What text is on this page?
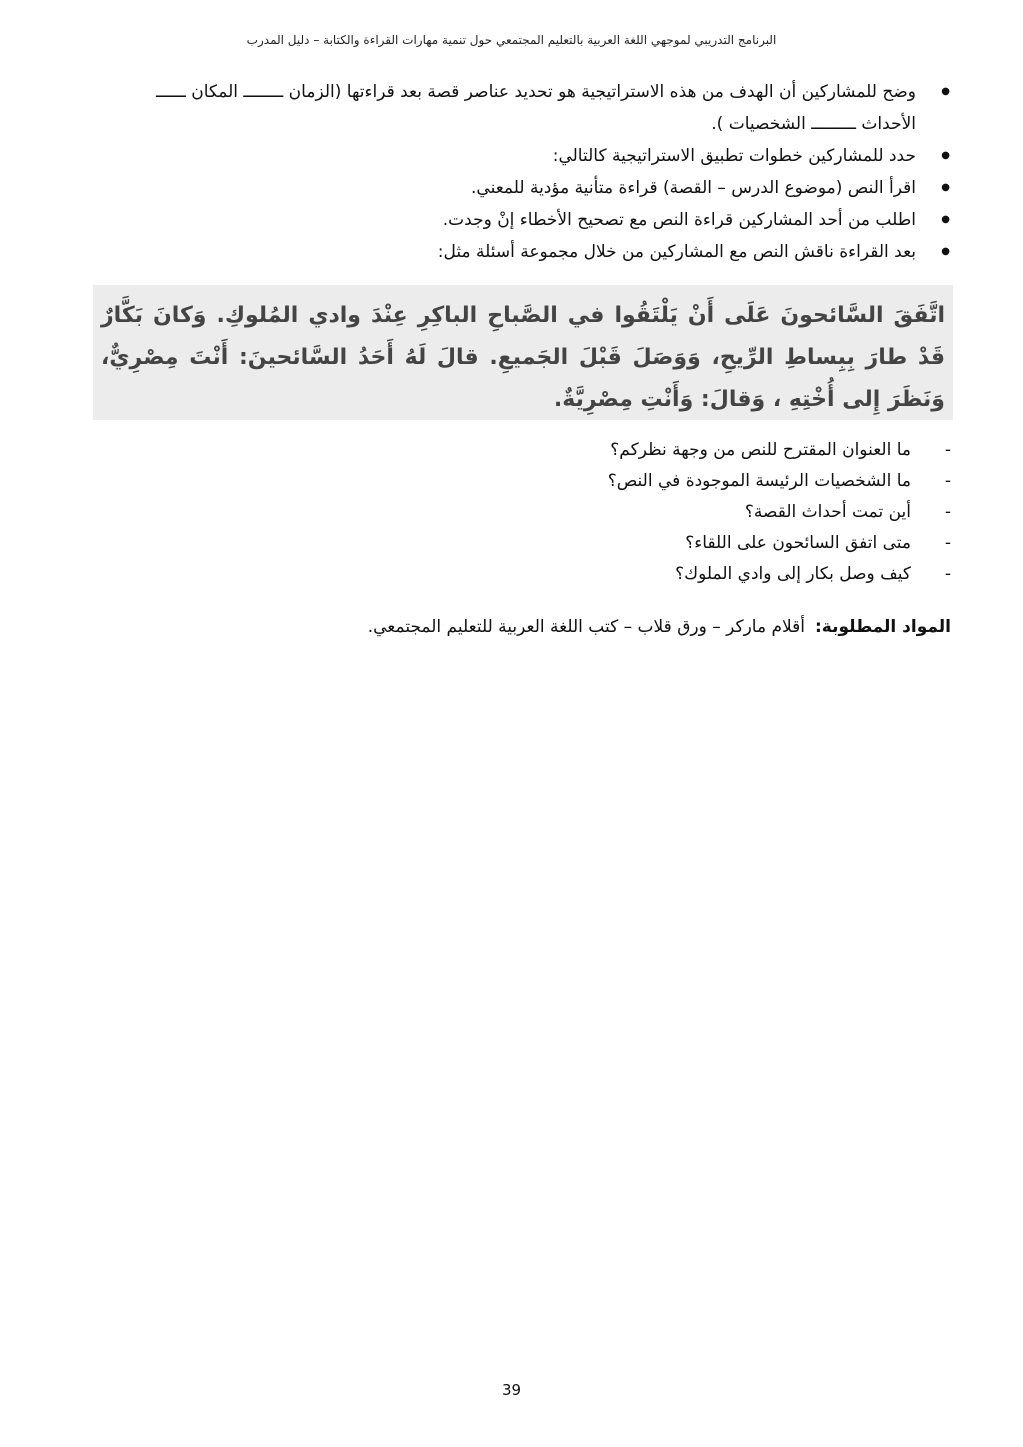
البرنامج التدريبي لموجهي اللغة العربية بالتعليم المجتمعي حول تنمية مهارات القراءة والكتابة – دليل المدرب
● وضح للمشاركين أن الهدف من هذه الاستراتيجية هو تحديد عناصر قصة بعد قراءتها (الزمان ــــــــ المكان ــــــ الأحداث ـــــــــ الشخصيات ).
● حدد للمشاركين خطوات تطبيق الاستراتيجية كالتالي:
● اقرأ النص (موضوع الدرس – القصة) قراءة متأنية مؤدية للمعني.
● اطلب من أحد المشاركين قراءة النص مع تصحيح الأخطاء إنْ وجدت.
● بعد القراءة ناقش النص مع المشاركين من خلال مجموعة أسئلة مثل:
- ما العنوان المقترح للنص من وجهة نظركم؟
- ما الشخصيات الرئيسة الموجودة في النص؟
- أين تمت أحداث القصة؟
- متى اتفق السائحون على اللقاء؟
- كيف وصل بكار إلى وادي الملوك؟
المواد المطلوبة:أقلام ماركر – ورق قلاب – كتب اللغة العربية للتعليم المجتمعي.

اتَّفَقَ السَّائحونَ عَلَى أَنْ يَلْتَقُوا في الصَّباحِ الباكِرِ عِنْدَ وادي المُلوكِ. وَكانَ بَكَّارٌ قَدْ طارَ بِبِساطِ الرِّيحِ، وَوَصَلَ قَبْلَ الجَميعِ. قالَ لَهُ أَحَدُ السَّائحينَ: أَنْتَ مِصْرِيٌّ، وَنَظَرَ إِلى أُخْتِهِ ، وَقالَ: وَأَنْتِ مِصْرِيَّةٌ.

39
